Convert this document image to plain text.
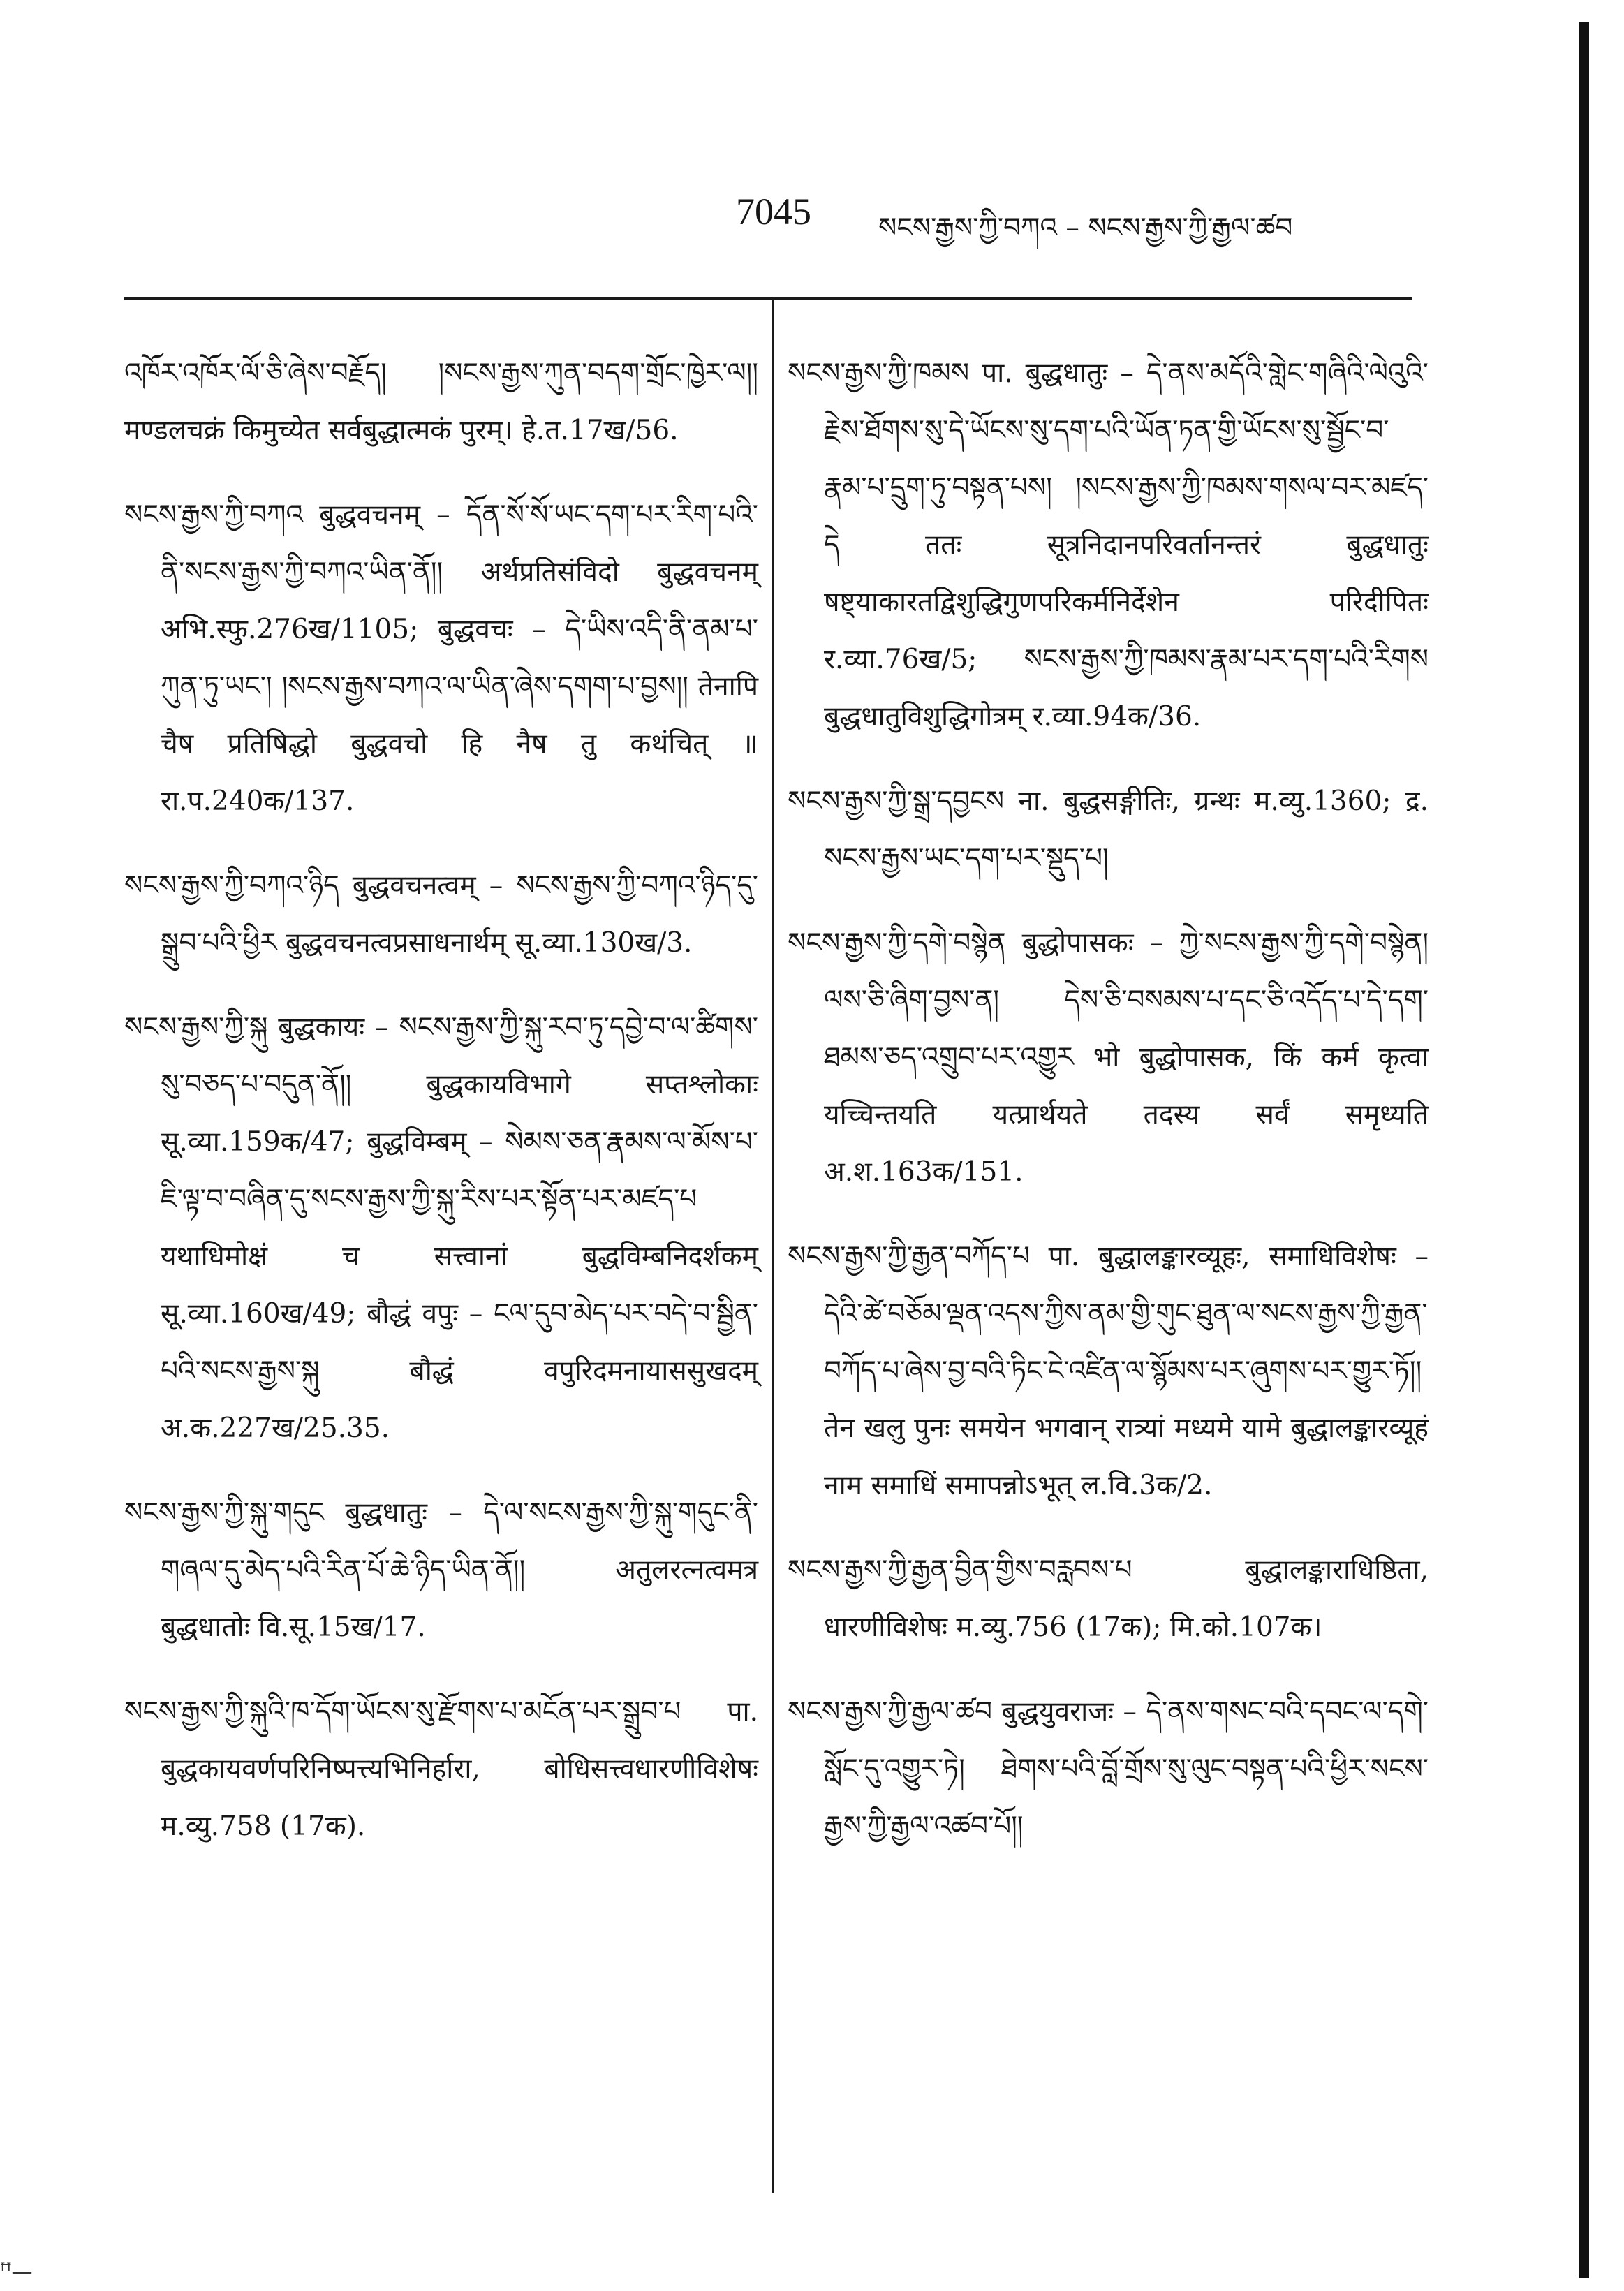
7045 སངས་རྒྱས་ཀྱི་བཀའ – སངས་རྒྱས་ཀྱི་རྒྱལ་ཚབ

འཁོར་འཁོར་ལོ་ཅི་ཞེས་བརྗོད། །སངས་རྒྱས་ཀུན་བདག་གྲོང་ཁྱེར་ལ།། मण्डलचक्रं किमुच्येत सर्वबुद्धात्मकं पुरम्। हे.त.17ख/56.

སངས་རྒྱས་ཀྱི་བཀའ बुद्धवचनम् – དོན་སོ་སོ་ཡང་དག་པར་རིག་པའི་ནི་སངས་རྒྱས་ཀྱི་བཀའ་ཡིན་ནོ།། अर्थप्रतिसंविदो बुद्धवचनम् अभि.स्फु.276ख/1105; बुद्धवचः – དེ་ཡིས་འདི་ནི་ནམ་པ་ཀུན་ཏུ་ཡང་། །སངས་རྒྱས་བཀའ་ལ་ཡིན་ཞེས་དགག་པ་བྱས།། तेनापि चैष प्रतिषिद्धो बुद्धवचो हि नैष तु कथंचित् ॥ रा.प.240क/137.

སངས་རྒྱས་ཀྱི་བཀའ་ཉིད बुद्धवचनत्वम् – སངས་རྒྱས་ཀྱི་བཀའ་ཉིད་དུ་སྒྲུབ་པའི་ཕྱིར बुद्धवचनत्वप्रसाधनार्थम् सू.व्या.130ख/3.

སངས་རྒྱས་ཀྱི་སྐུ बुद्धकायः – སངས་རྒྱས་ཀྱི་སྐུ་རབ་ཏུ་དབྱེ་བ་ལ་ཚིགས་སུ་བཅད་པ་བདུན་ནོ།། बुद्धकायविभागे सप्तश्लोकाः सू.व्या.159क/47; बुद्धविम्बम् – སེམས་ཅན་རྣམས་ལ་མོས་པ་ཇི་ལྟ་བ་བཞིན་དུ་སངས་རྒྱས་ཀྱི་སྐུ་རིས་པར་སྟོན་པར་མཛད་པ यथाधिमोक्षं च सत्त्वानां बुद्धविम्बनिदर्शकम् सू.व्या.160ख/49; बौद्धं वपुः – ངལ་དུབ་མེད་པར་བདེ་བ་སྦྱིན་པའི་སངས་རྒྱས་སྐུ बौद्धं वपुरिदमनायाससुखदम् अ.क.227ख/25.35.

སངས་རྒྱས་ཀྱི་སྐུ་གདུང बुद्धधातुः – དེ་ལ་སངས་རྒྱས་ཀྱི་སྐུ་གདུང་ནི་གཞལ་དུ་མེད་པའི་རིན་པོ་ཆེ་ཉིད་ཡིན་ནོ།། अतुलरत्नत्वमत्र बुद्धधातोः वि.सू.15ख/17.

སངས་རྒྱས་ཀྱི་སྐུའི་ཁ་དོག་ཡོངས་སུ་རྫོགས་པ་མངོན་པར་སྒྲུབ་པ पा. बुद्धकायवर्णपरिनिष्पत्त्यभिनिर्हारा, बोधिसत्त्वधारणीविशेषः म.व्यु.758 (17क).

སངས་རྒྱས་ཀྱི་ཁམས पा. बुद्धधातुः – དེ་ནས་མདོའི་གླེང་གཞིའི་ལེའུའི་རྗེས་ཐོགས་སུ་དེ་ཡོངས་སུ་དག་པའི་ཡོན་ཏན་གྱི་ཡོངས་སུ་སྦྱོང་བ་རྣམ་པ་དྲུག་ཏུ་བསྟན་པས། །སངས་རྒྱས་ཀྱི་ཁམས་གསལ་བར་མཛད་དེ ततः सूत्रनिदानपरिवर्तानन्तरं बुद्धधातुः षष्ट्याकारतद्विशुद्धिगुणपरिकर्मनिर्देशेन परिदीपितः र.व्या.76ख/5; སངས་རྒྱས་ཀྱི་ཁམས་རྣམ་པར་དག་པའི་རིགས बुद्धधातुविशुद्धिगोत्रम् र.व्या.94क/36.

སངས་རྒྱས་ཀྱི་སྒྲ་དབྱངས ना. बुद्धसङ्गीतिः, ग्रन्थः म.व्यु.1360; द्र. སངས་རྒྱས་ཡང་དག་པར་སྡུད་པ།

སངས་རྒྱས་ཀྱི་དགེ་བསྙེན बुद्धोपासकः – ཀྱེ་སངས་རྒྱས་ཀྱི་དགེ་བསྙེན། ལས་ཅི་ཞིག་བྱས་ན། དེས་ཅི་བསམས་པ་དང་ཅི་འདོད་པ་དེ་དག་ཐམས་ཅད་འགྲུབ་པར་འགྱུར भो बुद्धोपासक, किं कर्म कृत्वा यच्चिन्तयति यत्प्रार्थयते तदस्य सर्वं समृध्यति अ.श.163क/151.

སངས་རྒྱས་ཀྱི་རྒྱན་བཀོད་པ पा. बुद्धालङ्कारव्यूहः, समाधिविशेषः – དེའི་ཚེ་བཅོམ་ལྡན་འདས་ཀྱིས་ནམ་གྱི་གུང་ཐུན་ལ་སངས་རྒྱས་ཀྱི་རྒྱན་བཀོད་པ་ཞེས་བྱ་བའི་ཏིང་ངེ་འཛིན་ལ་སྙོམས་པར་ཞུགས་པར་གྱུར་ཏོ།། तेन खलु पुनः समयेन भगवान् रात्र्यां मध्यमे यामे बुद्धालङ्कारव्यूहं नाम समाधिं समापन्नोऽभूत् ल.वि.3क/2.

སངས་རྒྱས་ཀྱི་རྒྱན་བྱིན་གྱིས་བརླབས་པ बुद्धालङ्काराधिष्ठिता, धारणीविशेषः म.व्यु.756 (17क); मि.को.107क।

སངས་རྒྱས་ཀྱི་རྒྱལ་ཚབ बुद्धयुवराजः – དེ་ནས་གསང་བའི་དབང་ལ་དགེ་སློང་དུ་འགྱུར་ཏེ། ཐེགས་པའི་བློ་གྲོས་སུ་ལུང་བསྟན་པའི་ཕྱིར་སངས་རྒྱས་ཀྱི་རྒྱལ་འཚབ་པོ།།

ꟸ—
